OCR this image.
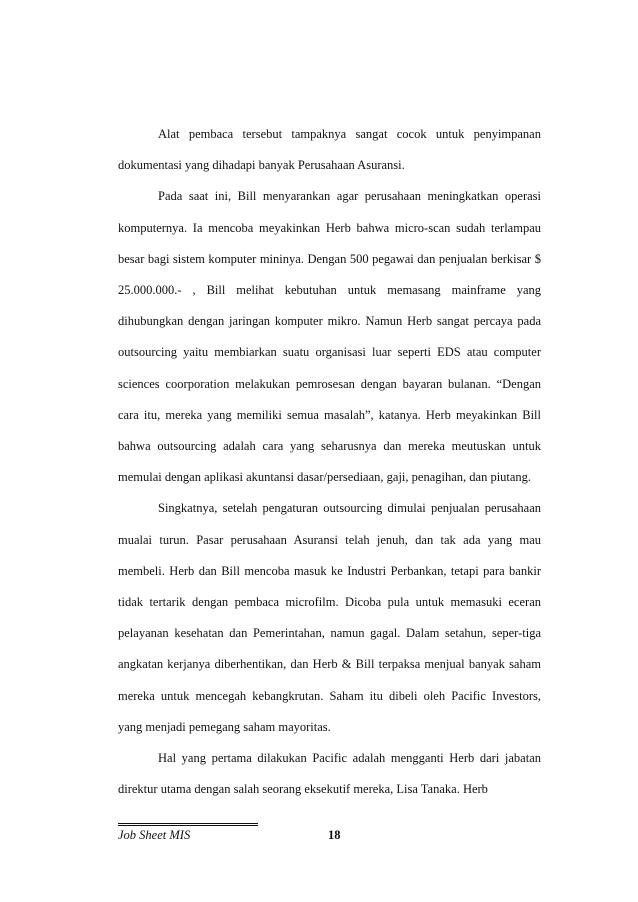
Alat pembaca tersebut tampaknya sangat cocok untuk penyimpanan dokumentasi yang dihadapi banyak Perusahaan Asuransi.

Pada saat ini, Bill menyarankan agar perusahaan meningkatkan operasi komputernya. Ia mencoba meyakinkan Herb bahwa micro-scan sudah terlampau besar bagi sistem komputer mininya. Dengan 500 pegawai dan penjualan berkisar $ 25.000.000.- , Bill melihat kebutuhan untuk memasang mainframe yang dihubungkan dengan jaringan komputer mikro. Namun Herb sangat percaya pada outsourcing yaitu membiarkan suatu organisasi luar seperti EDS atau computer sciences coorporation melakukan pemrosesan dengan bayaran bulanan. “Dengan cara itu, mereka yang memiliki semua masalah”, katanya. Herb meyakinkan Bill bahwa outsourcing adalah cara yang seharusnya dan mereka meutuskan untuk memulai dengan aplikasi akuntansi dasar/persediaan, gaji, penagihan, dan piutang.

Singkatnya, setelah pengaturan outsourcing dimulai penjualan perusahaan mualai turun. Pasar perusahaan Asuransi telah jenuh, dan tak ada yang mau membeli. Herb dan Bill mencoba masuk ke Industri Perbankan, tetapi para bankir tidak tertarik dengan pembaca microfilm. Dicoba pula untuk memasuki eceran pelayanan kesehatan dan Pemerintahan, namun gagal. Dalam setahun, seper-tiga angkatan kerjanya diberhentikan, dan Herb & Bill terpaksa menjual banyak saham mereka untuk mencegah kebangkrutan. Saham itu dibeli oleh Pacific Investors, yang menjadi pemegang saham mayoritas.

Hal yang pertama dilakukan Pacific adalah mengganti Herb dari jabatan direktur utama dengan salah seorang eksekutif mereka, Lisa Tanaka. Herb

Job Sheet MIS	18
